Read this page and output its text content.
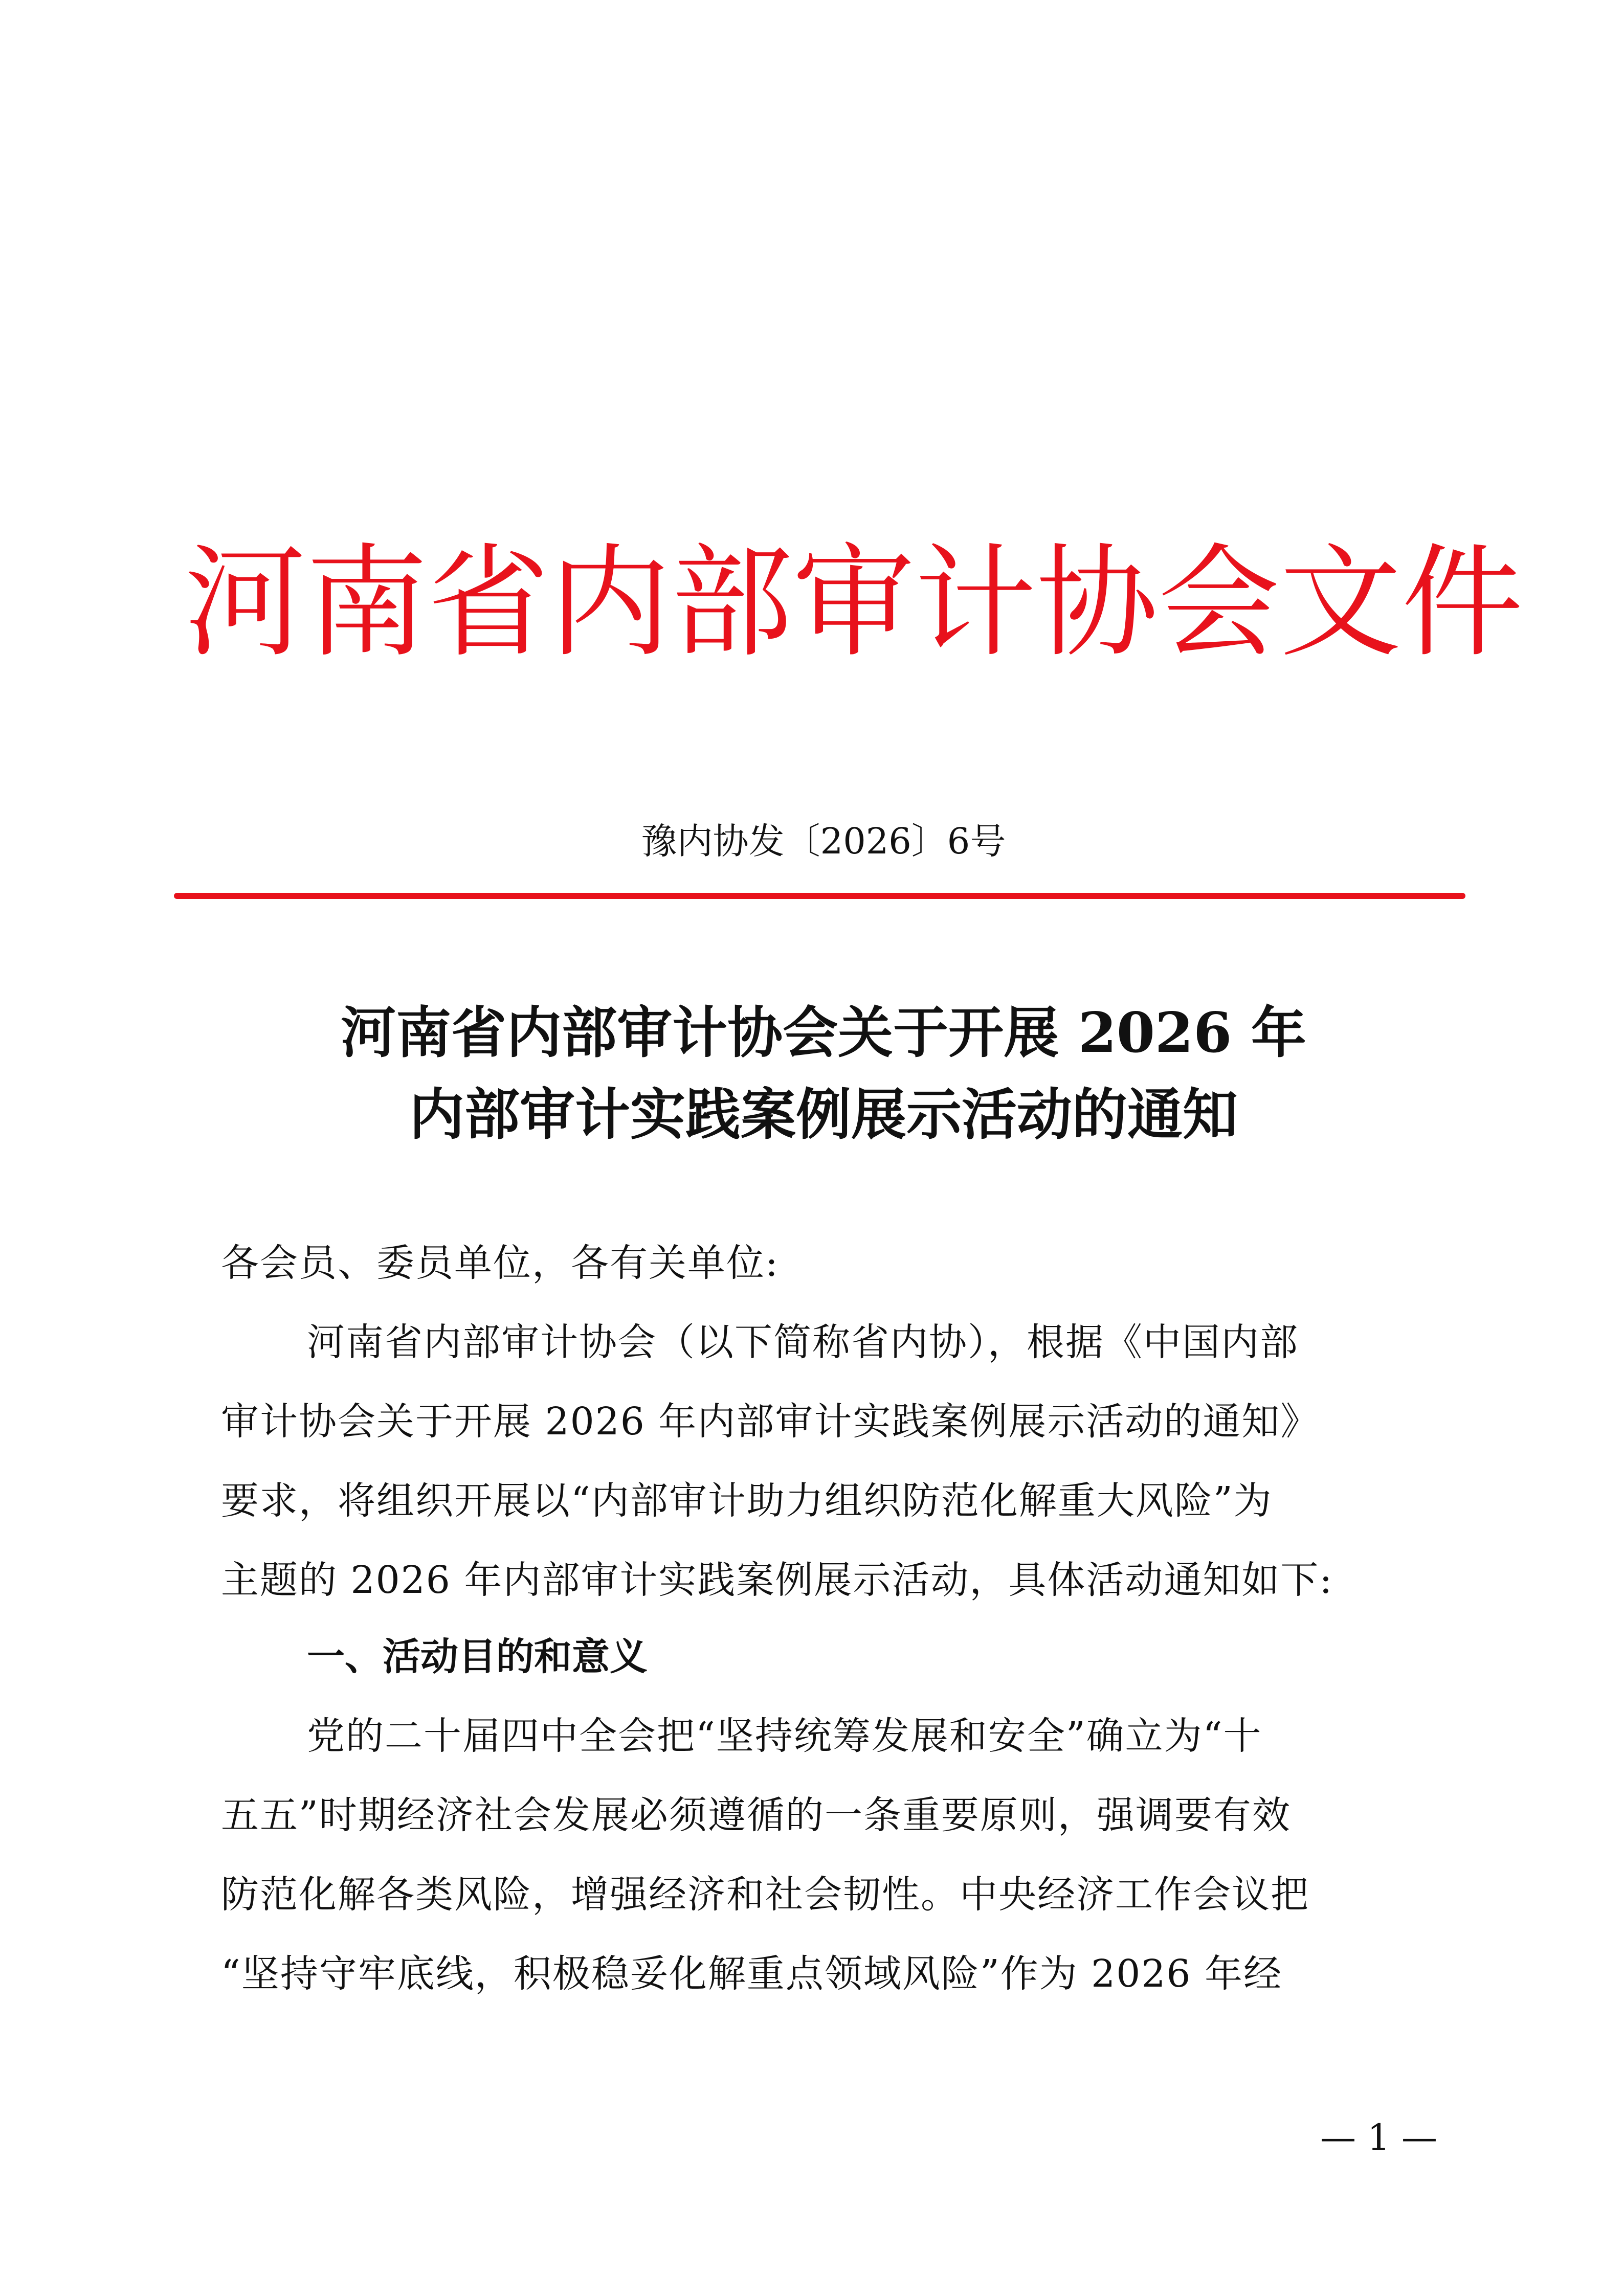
河南省内部审计协会文件
豫内协发〔2026〕6号
河南省内部审计协会关于开展 2026 年
内部审计实践案例展示活动的通知
各会员、委员单位，各有关单位:
河南省内部审计协会（以下简称省内协），根据《中国内部
审计协会关于开展 2026 年内部审计实践案例展示活动的通知》
要求，将组织开展以“内部审计助力组织防范化解重大风险”为
主题的 2026 年内部审计实践案例展示活动，具体活动通知如下:
一、活动目的和意义
党的二十届四中全会把“坚持统筹发展和安全”确立为“十
五五”时期经济社会发展必须遵循的一条重要原则，强调要有效
防范化解各类风险，增强经济和社会韧性。中央经济工作会议把
“坚持守牢底线，积极稳妥化解重点领域风险”作为 2026 年经
— 1 —
